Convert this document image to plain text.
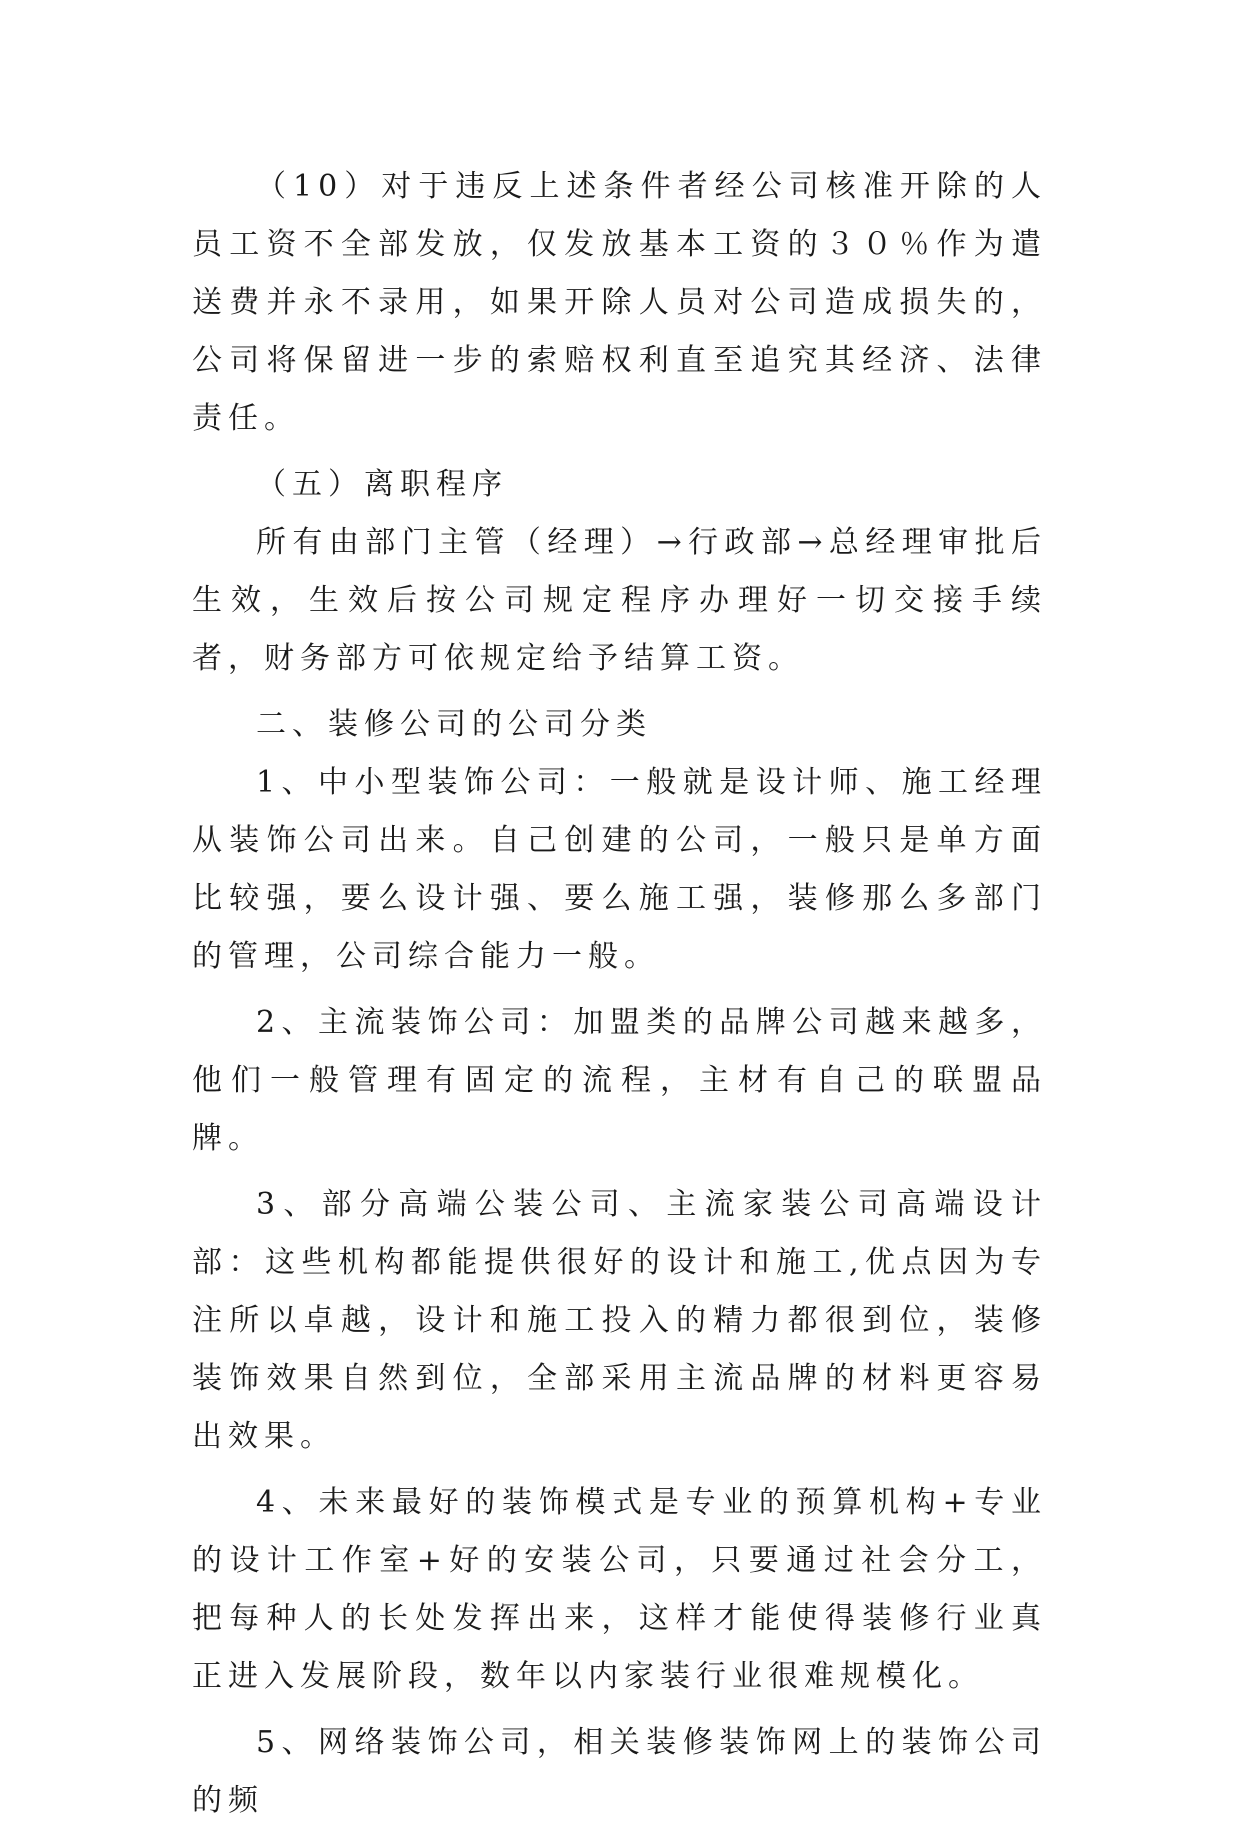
（10）对于违反上述条件者经公司核准开除的人员工资不全部发放，仅发放基本工资的３０％作为遣送费并永不录用，如果开除人员对公司造成损失的，公司将保留进一步的索赔权利直至追究其经济、法律责任。

（五）离职程序

所有由部门主管（经理）→行政部→总经理审批后生效，生效后按公司规定程序办理好一切交接手续者，财务部方可依规定给予结算工资。

二、装修公司的公司分类

1、中小型装饰公司：一般就是设计师、施工经理从装饰公司出来。自己创建的公司，一般只是单方面比较强，要么设计强、要么施工强，装修那么多部门的管理，公司综合能力一般。

2、主流装饰公司：加盟类的品牌公司越来越多，他们一般管理有固定的流程，主材有自己的联盟品牌。

3、部分高端公装公司、主流家装公司高端设计部：这些机构都能提供很好的设计和施工,优点因为专注所以卓越，设计和施工投入的精力都很到位，装修装饰效果自然到位，全部采用主流品牌的材料更容易出效果。

4、未来最好的装饰模式是专业的预算机构+专业的设计工作室+好的安装公司，只要通过社会分工，把每种人的长处发挥出来，这样才能使得装修行业真正进入发展阶段，数年以内家装行业很难规模化。

5、网络装饰公司，相关装修装饰网上的装饰公司的频
